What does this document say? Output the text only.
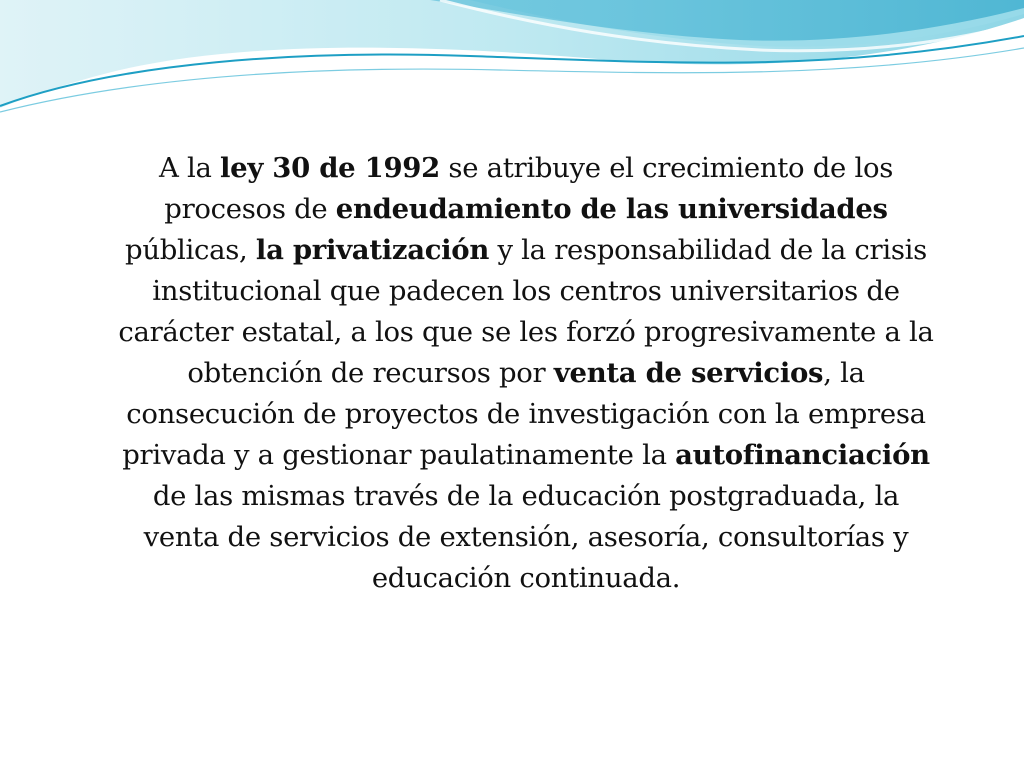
A la ley 30 de 1992 se atribuye el crecimiento de los procesos de endeudamiento de las universidades públicas, la privatización y la responsabilidad de la crisis institucional que padecen los centros universitarios de carácter estatal, a los que se les forzó progresivamente a la obtención de recursos por venta de servicios, la consecución de proyectos de investigación con la empresa privada y a gestionar paulatinamente la autofinanciación de las mismas través de la educación postgraduada, la venta de servicios de extensión, asesoría, consultorías y educación continuada.
